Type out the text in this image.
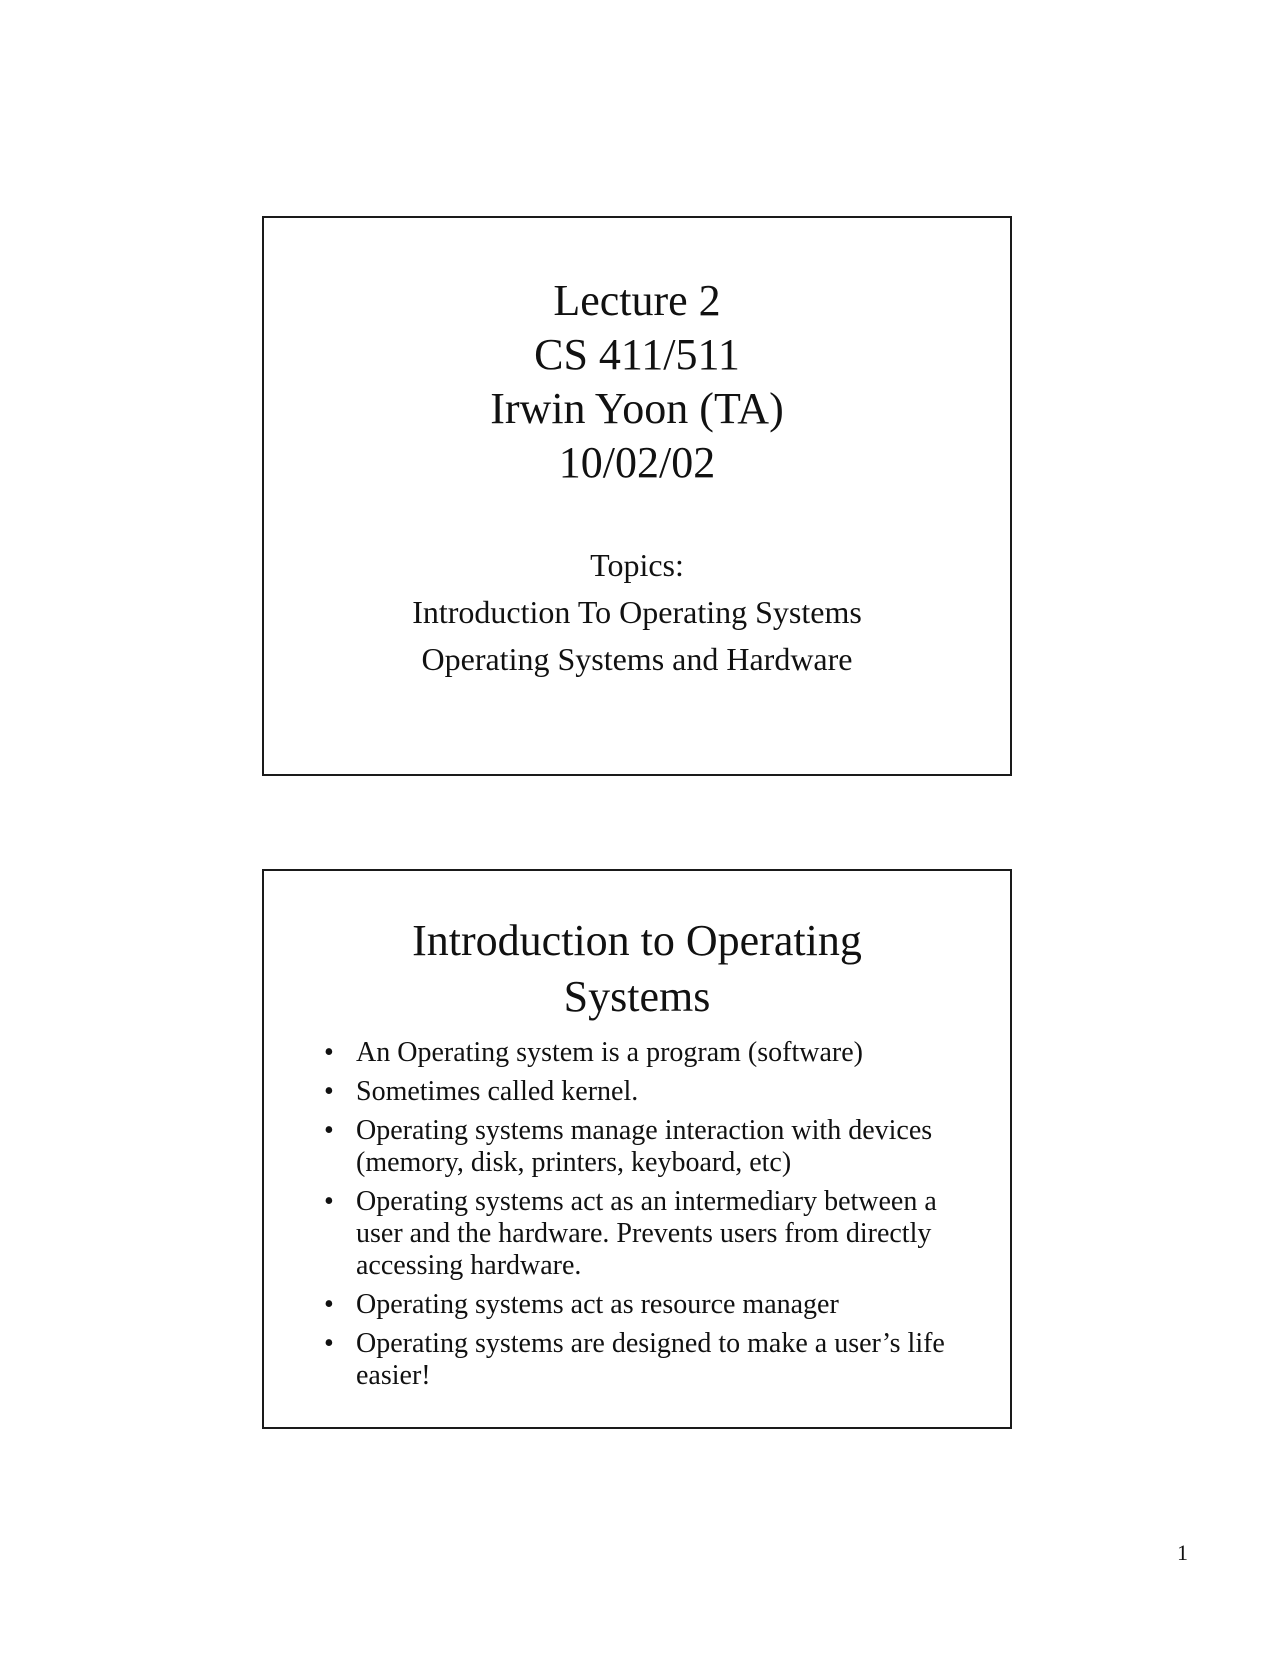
Lecture 2
CS 411/511
Irwin Yoon (TA)
10/02/02
Topics:
Introduction To Operating Systems
Operating Systems and Hardware
Introduction to Operating
Systems
• An Operating system is a program (software)
• Sometimes called kernel.
• Operating systems manage interaction with devices (memory, disk, printers, keyboard, etc)
• Operating systems act as an intermediary between a user and the hardware. Prevents users from directly accessing hardware.
• Operating systems act as resource manager
• Operating systems are designed to make a user’s life easier!
1
